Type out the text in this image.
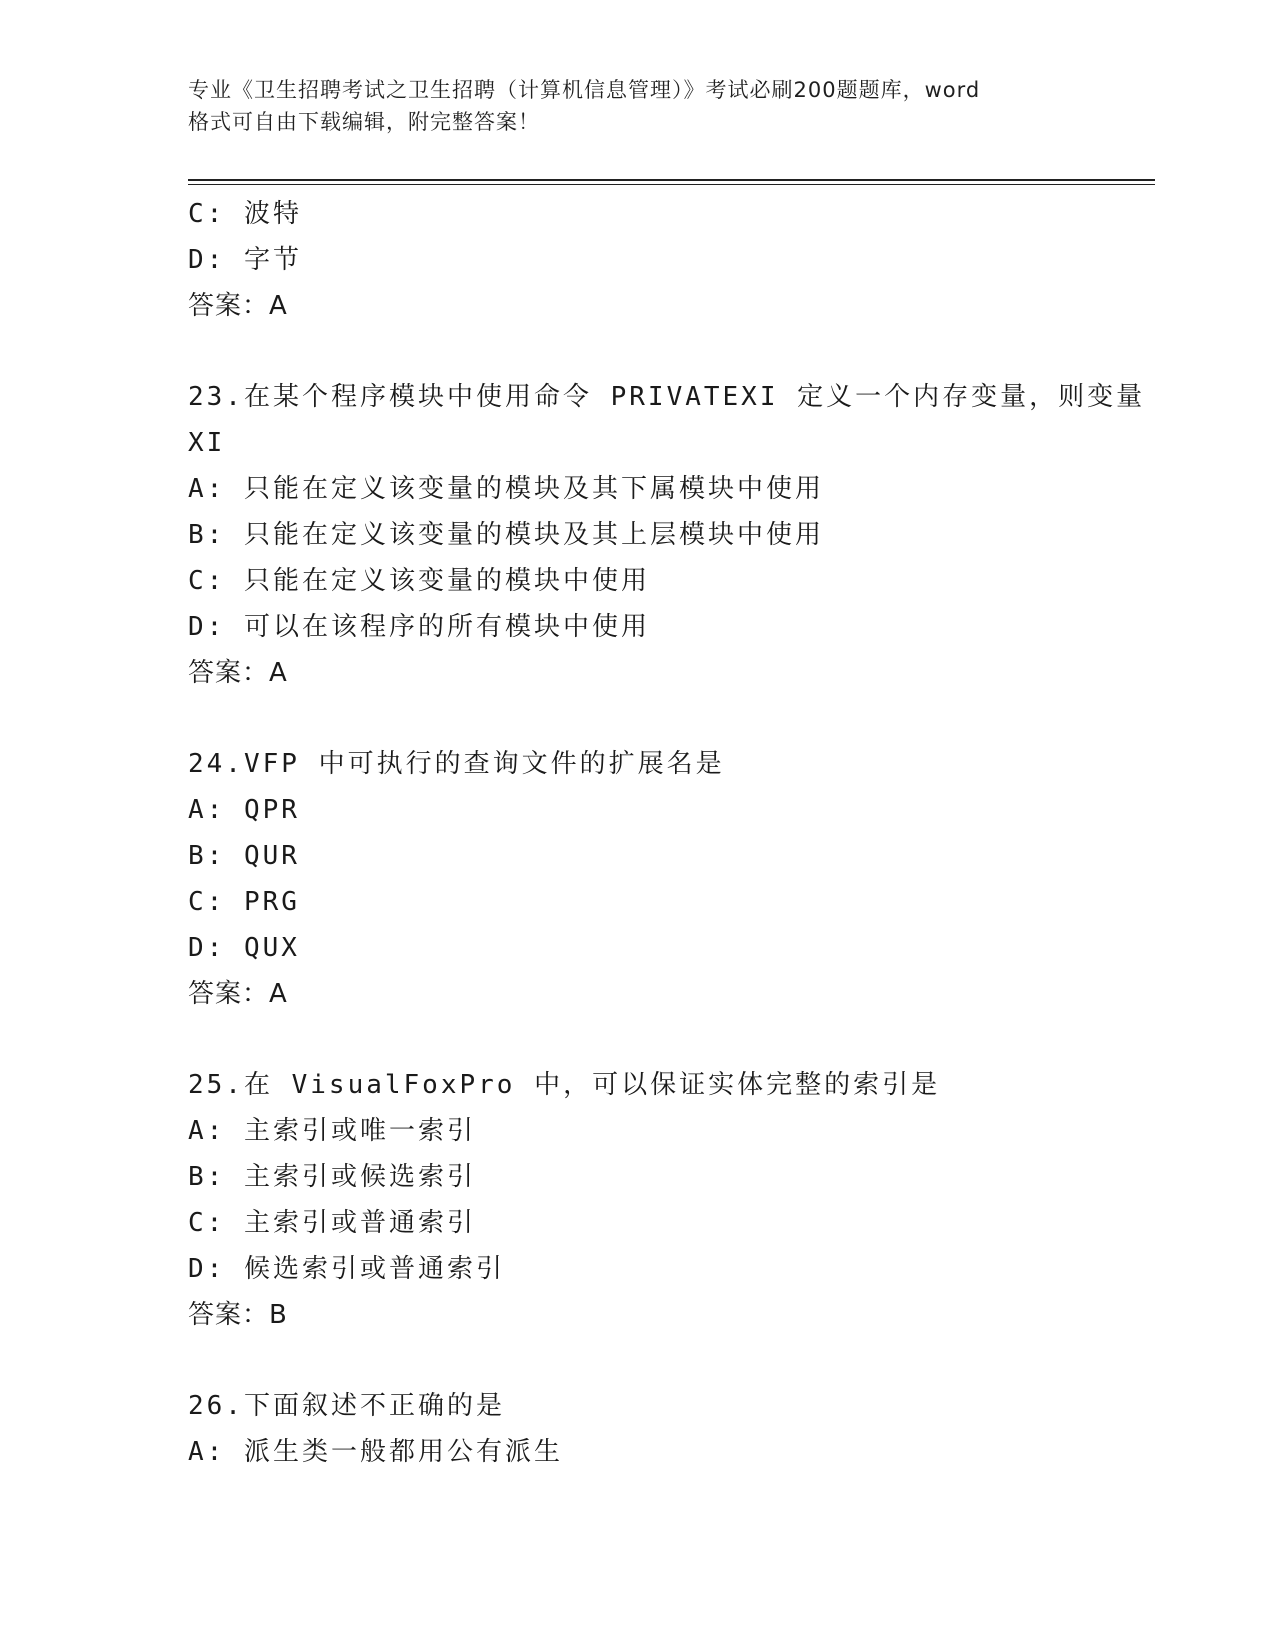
专业《卫生招聘考试之卫生招聘（计算机信息管理）》考试必刷200题题库，word
格式可自由下载编辑，附完整答案！
C: 波特
D: 字节
答案：A
23.在某个程序模块中使用命令 PRIVATEXI 定义一个内存变量，则变量
XI
A: 只能在定义该变量的模块及其下属模块中使用
B: 只能在定义该变量的模块及其上层模块中使用
C: 只能在定义该变量的模块中使用
D: 可以在该程序的所有模块中使用
答案：A
24.VFP 中可执行的查询文件的扩展名是
A: QPR
B: QUR
C: PRG
D: QUX
答案：A
25.在 VisualFoxPro 中，可以保证实体完整的索引是
A: 主索引或唯一索引
B: 主索引或候选索引
C: 主索引或普通索引
D: 候选索引或普通索引
答案：B
26.下面叙述不正确的是
A: 派生类一般都用公有派生
